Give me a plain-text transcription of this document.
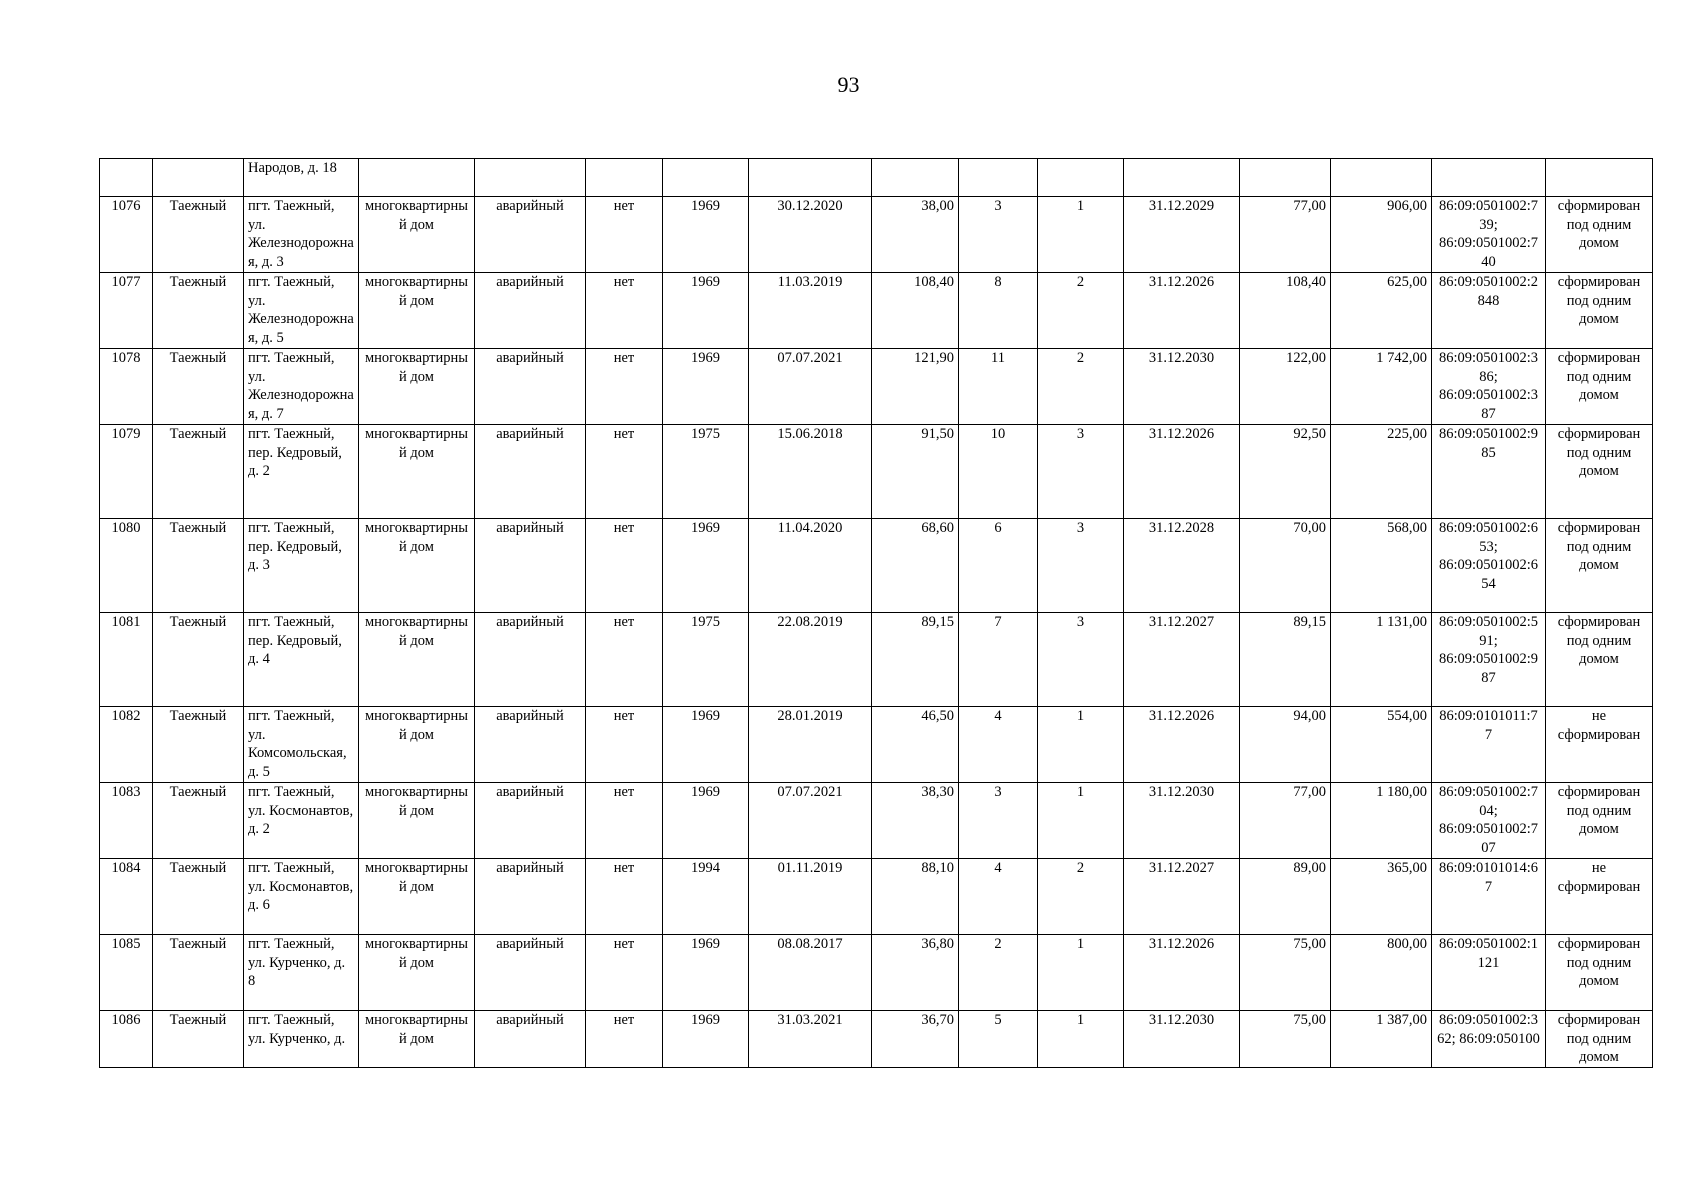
93
		Народов, д. 18													
1076	Таежный	пгт. Таежный, ул. Железнодорожная, д. 3	многоквартирный дом	аварийный	нет	1969	30.12.2020	38,00	3	1	31.12.2029	77,00	906,00	86:09:0501002:739; 86:09:0501002:740	сформирован под одним домом
1077	Таежный	пгт. Таежный, ул. Железнодорожная, д. 5	многоквартирный дом	аварийный	нет	1969	11.03.2019	108,40	8	2	31.12.2026	108,40	625,00	86:09:0501002:2848	сформирован под одним домом
1078	Таежный	пгт. Таежный, ул. Железнодорожная, д. 7	многоквартирный дом	аварийный	нет	1969	07.07.2021	121,90	11	2	31.12.2030	122,00	1 742,00	86:09:0501002:386; 86:09:0501002:387	сформирован под одним домом
1079	Таежный	пгт. Таежный, пер. Кедровый, д. 2	многоквартирный дом	аварийный	нет	1975	15.06.2018	91,50	10	3	31.12.2026	92,50	225,00	86:09:0501002:985	сформирован под одним домом
1080	Таежный	пгт. Таежный, пер. Кедровый, д. 3	многоквартирный дом	аварийный	нет	1969	11.04.2020	68,60	6	3	31.12.2028	70,00	568,00	86:09:0501002:653; 86:09:0501002:654	сформирован под одним домом
1081	Таежный	пгт. Таежный, пер. Кедровый, д. 4	многоквартирный дом	аварийный	нет	1975	22.08.2019	89,15	7	3	31.12.2027	89,15	1 131,00	86:09:0501002:591; 86:09:0501002:987	сформирован под одним домом
1082	Таежный	пгт. Таежный, ул. Комсомольская, д. 5	многоквартирный дом	аварийный	нет	1969	28.01.2019	46,50	4	1	31.12.2026	94,00	554,00	86:09:0101011:77	не сформирован
1083	Таежный	пгт. Таежный, ул. Космонавтов, д. 2	многоквартирный дом	аварийный	нет	1969	07.07.2021	38,30	3	1	31.12.2030	77,00	1 180,00	86:09:0501002:704; 86:09:0501002:707	сформирован под одним домом
1084	Таежный	пгт. Таежный, ул. Космонавтов, д. 6	многоквартирный дом	аварийный	нет	1994	01.11.2019	88,10	4	2	31.12.2027	89,00	365,00	86:09:0101014:67	не сформирован
1085	Таежный	пгт. Таежный, ул. Курченко, д. 8	многоквартирный дом	аварийный	нет	1969	08.08.2017	36,80	2	1	31.12.2026	75,00	800,00	86:09:0501002:1121	сформирован под одним домом
1086	Таежный	пгт. Таежный, ул. Курченко, д.	многоквартирный дом	аварийный	нет	1969	31.03.2021	36,70	5	1	31.12.2030	75,00	1 387,00	86:09:0501002:362; 86:09:050100	сформирован под одним домом
